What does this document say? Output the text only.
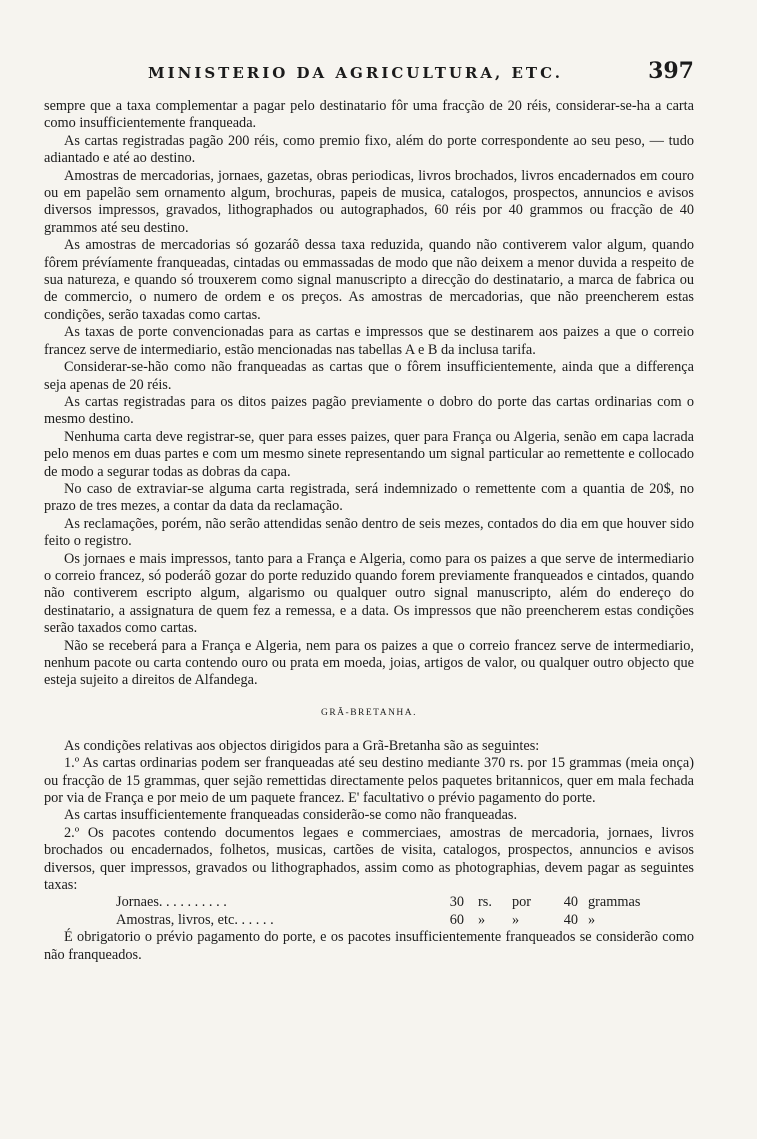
MINISTERIO DA AGRICULTURA, ETC.	397

sempre que a taxa complementar a pagar pelo destinatario fôr uma fracção de 20 réis, considerar-se-ha a carta como insufficientemente franqueada.

As cartas registradas pagão 200 réis, como premio fixo, além do porte correspondente ao seu peso, — tudo adiantado e até ao destino.

Amostras de mercadorias, jornaes, gazetas, obras periodicas, livros brochados, livros encadernados em couro ou em papelão sem ornamento algum, brochuras, papeis de musica, catalogos, prospectos, annuncios e avisos diversos impressos, gravados, lithographados ou autographados, 60 réis por 40 grammos ou fracção de 40 grammos até seu destino.

As amostras de mercadorias só gozaráõ dessa taxa reduzida, quando não contiverem valor algum, quando fôrem prévíamente franqueadas, cintadas ou emmassadas de modo que não deixem a menor duvida a respeito de sua natureza, e quando só trouxerem como signal manuscripto a direcção do destinatario, a marca de fabrica ou de commercio, o numero de ordem e os preços. As amostras de mercadorias, que não preencherem estas condições, serão taxadas como cartas.

As taxas de porte convencionadas para as cartas e impressos que se destinarem aos paizes a que o correio francez serve de intermediario, estão mencionadas nas tabellas A e B da inclusa tarifa.

Considerar-se-hão como não franqueadas as cartas que o fôrem insufficientemente, ainda que a differença seja apenas de 20 réis.

As cartas registradas para os ditos paizes pagão previamente o dobro do porte das cartas ordinarias com o mesmo destino.

Nenhuma carta deve registrar-se, quer para esses paizes, quer para França ou Algeria, senão em capa lacrada pelo menos em duas partes e com um mesmo sinete representando um signal particular ao remettente e collocado de modo a segurar todas as dobras da capa.

No caso de extraviar-se alguma carta registrada, será indemnizado o remettente com a quantia de 20$, no prazo de tres mezes, a contar da data da reclamação.

As reclamações, porém, não serão attendidas senão dentro de seis mezes, contados do dia em que houver sido feito o registro.

Os jornaes e mais impressos, tanto para a França e Algeria, como para os paizes a que serve de intermediario o correio francez, só poderáõ gozar do porte reduzido quando forem previamente franqueados e cintados, quando não contiverem escripto algum, algarismo ou qualquer outro signal manuscripto, além do endereço do destinatario, a assignatura de quem fez a remessa, e a data. Os impressos que não preencherem estas condições serão taxados como cartas.

Não se receberá para a França e Algeria, nem para os paizes a que o correio francez serve de intermediario, nenhum pacote ou carta contendo ouro ou prata em moeda, joias, artigos de valor, ou qualquer outro objecto que esteja sujeito a direitos de Alfandega.

GRÃ-BRETANHA.

As condições relativas aos objectos dirigidos para a Grã-Bretanha são as seguintes:

1.º As cartas ordinarias podem ser franqueadas até seu destino mediante 370 rs. por 15 grammas (meia onça) ou fracção de 15 grammas, quer sejão remettidas directamente pelos paquetes britannicos, quer em mala fechada por via de França e por meio de um paquete francez. E' facultativo o prévio pagamento do porte.

As cartas insufficientemente franqueadas considerão-se como não franqueadas.

2.º Os pacotes contendo documentos legaes e commerciaes, amostras de mercadoria, jornaes, livros brochados ou encadernados, folhetos, musicas, cartões de visita, catalogos, prospectos, annuncios e avisos diversos, quer impressos, gravados ou lithographados, assim como as photographias, devem pagar as seguintes taxas:

Jornaes. . . . . . . . . .	30 rs.	por	40 grammas
Amostras, livros, etc. . . . . .	60 »	»	40 »

É obrigatorio o prévio pagamento do porte, e os pacotes insufficientemente franqueados se considerão como não franqueados.
